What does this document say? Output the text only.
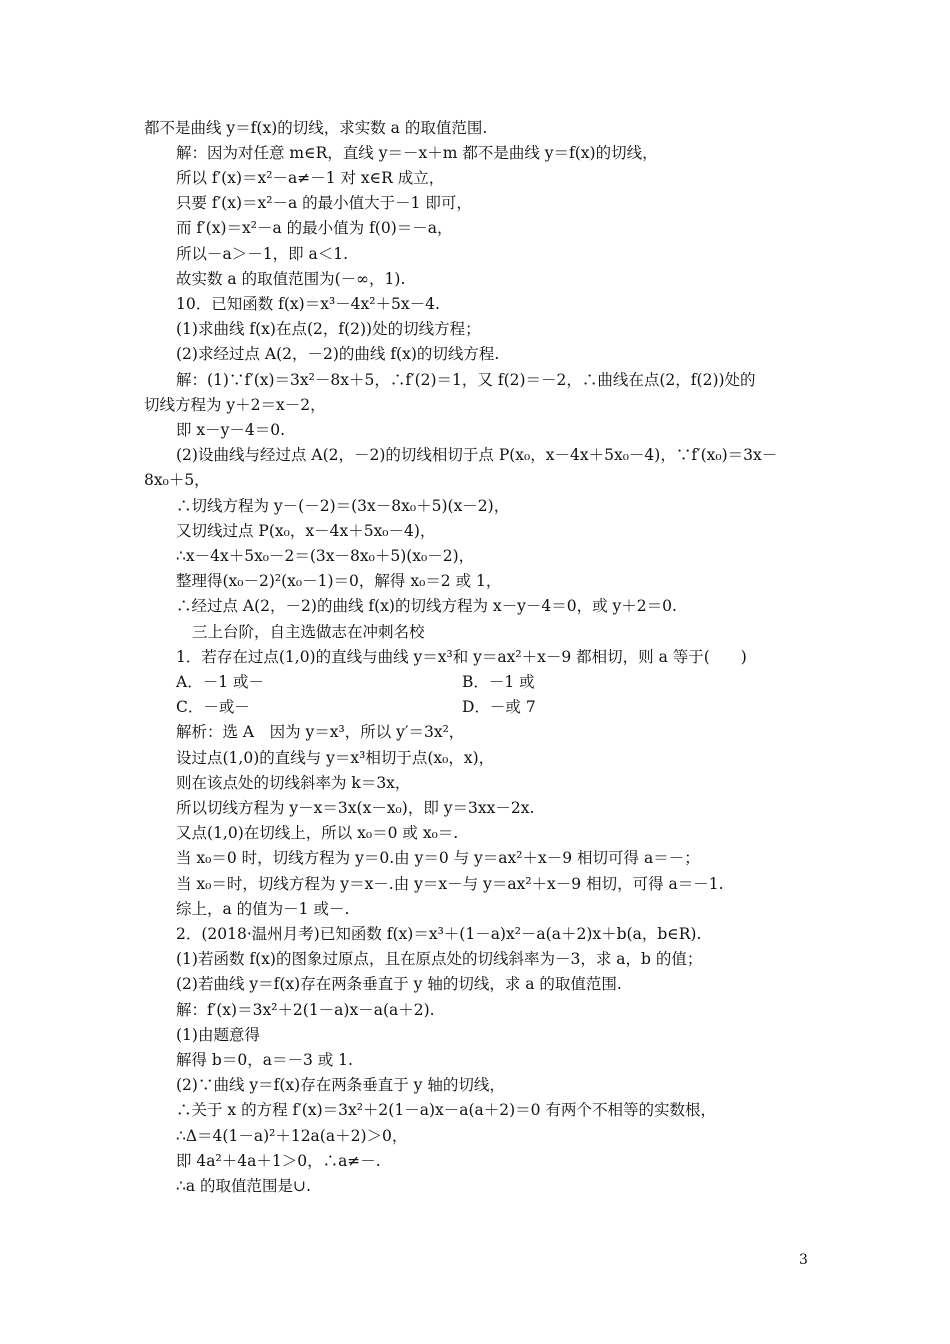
都不是曲线 y＝f(x)的切线，求实数 a 的取值范围.
解：因为对任意 m∈R，直线 y＝－x＋m 都不是曲线 y＝f(x)的切线，
所以 f′(x)＝x²－a≠－1 对 x∈R 成立，
只要 f′(x)＝x²－a 的最小值大于－1 即可，
而 f′(x)＝x²－a 的最小值为 f(0)＝－a，
所以－a＞－1，即 a＜1.
故实数 a 的取值范围为(－∞，1).
10．已知函数 f(x)＝x³－4x²＋5x－4.
(1)求曲线 f(x)在点(2，f(2))处的切线方程；
(2)求经过点 A(2，－2)的曲线 f(x)的切线方程.
解：(1)∵f′(x)＝3x²－8x＋5，∴f′(2)＝1，又 f(2)＝－2，∴曲线在点(2，f(2))处的
切线方程为 y＋2＝x－2，
即 x－y－4＝0.
(2)设曲线与经过点 A(2，－2)的切线相切于点 P(x₀，x－4x＋5x₀－4)，∵f′(x₀)＝3x－
8x₀＋5，
∴切线方程为 y－(－2)＝(3x－8x₀＋5)(x－2)，
又切线过点 P(x₀，x－4x＋5x₀－4)，
∴x－4x＋5x₀－2＝(3x－8x₀＋5)(x₀－2)，
整理得(x₀－2)²(x₀－1)＝0，解得 x₀＝2 或 1，
∴经过点 A(2，－2)的曲线 f(x)的切线方程为 x－y－4＝0，或 y＋2＝0.
三上台阶，自主选做志在冲刺名校
1．若存在过点(1,0)的直线与曲线 y＝x³和 y＝ax²＋x－9 都相切，则 a 等于(　　)
A．－1 或－	B．－1 或
C．－或－	D．－或 7
解析：选 A　因为 y＝x³，所以 y′＝3x²，
设过点(1,0)的直线与 y＝x³相切于点(x₀，x)，
则在该点处的切线斜率为 k＝3x，
所以切线方程为 y－x＝3x(x－x₀)，即 y＝3xx－2x.
又点(1,0)在切线上，所以 x₀＝0 或 x₀＝.
当 x₀＝0 时，切线方程为 y＝0.由 y＝0 与 y＝ax²＋x－9 相切可得 a＝－；
当 x₀＝时，切线方程为 y＝x－.由 y＝x－与 y＝ax²＋x－9 相切，可得 a＝－1.
综上，a 的值为－1 或－.
2．(2018·温州月考)已知函数 f(x)＝x³＋(1－a)x²－a(a＋2)x＋b(a，b∈R).
(1)若函数 f(x)的图象过原点，且在原点处的切线斜率为－3，求 a，b 的值；
(2)若曲线 y＝f(x)存在两条垂直于 y 轴的切线，求 a 的取值范围.
解：f′(x)＝3x²＋2(1－a)x－a(a＋2).
(1)由题意得
解得 b＝0，a＝－3 或 1.
(2)∵曲线 y＝f(x)存在两条垂直于 y 轴的切线，
∴关于 x 的方程 f′(x)＝3x²＋2(1－a)x－a(a＋2)＝0 有两个不相等的实数根，
∴Δ＝4(1－a)²＋12a(a＋2)＞0，
即 4a²＋4a＋1＞0，∴a≠－.
∴a 的取值范围是∪.
3
